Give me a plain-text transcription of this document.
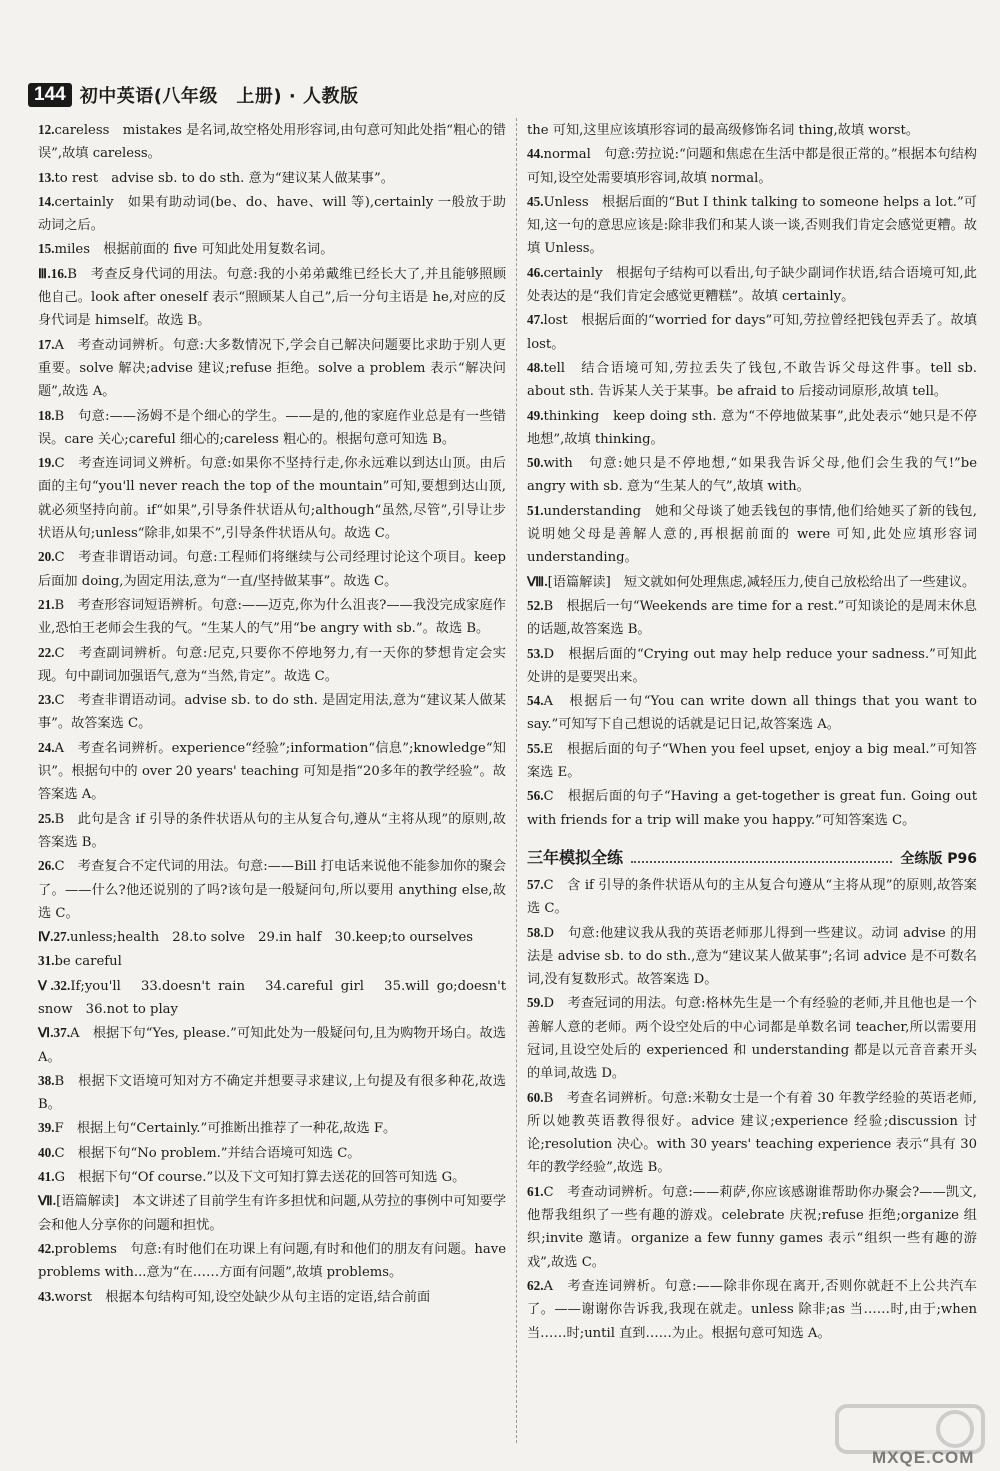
144 初中英语(八年级　上册) · 人教版

12.careless　mistakes 是名词,故空格处用形容词,由句意可知此处指“粗心的错误”,故填 careless。

13.to rest　advise sb. to do sth. 意为“建议某人做某事”。

14.certainly　如果有助动词(be、do、have、will 等),certainly 一般放于助动词之后。

15.miles　根据前面的 five 可知此处用复数名词。

Ⅲ.16.B　考查反身代词的用法。句意:我的小弟弟戴维已经长大了,并且能够照顾他自己。look after oneself 表示“照顾某人自己”,后一分句主语是 he,对应的反身代词是 himself。故选 B。

17.A　考查动词辨析。句意:大多数情况下,学会自己解决问题要比求助于别人更重要。solve 解决;advise 建议;refuse 拒绝。solve a problem 表示“解决问题”,故选 A。

18.B　句意:——汤姆不是个细心的学生。——是的,他的家庭作业总是有一些错误。care 关心;careful 细心的;careless 粗心的。根据句意可知选 B。

19.C　考查连词词义辨析。句意:如果你不坚持行走,你永远难以到达山顶。由后面的主句“you'll never reach the top of the mountain”可知,要想到达山顶,就必须坚持向前。if“如果”,引导条件状语从句;although“虽然,尽管”,引导让步状语从句;unless“除非,如果不”,引导条件状语从句。故选 C。

20.C　考查非谓语动词。句意:工程师们将继续与公司经理讨论这个项目。keep 后面加 doing,为固定用法,意为“一直/坚持做某事”。故选 C。

21.B　考查形容词短语辨析。句意:——迈克,你为什么沮丧?——我没完成家庭作业,恐怕王老师会生我的气。“生某人的气”用“be angry with sb.”。故选 B。

22.C　考查副词辨析。句意:尼克,只要你不停地努力,有一天你的梦想肯定会实现。句中副词加强语气,意为“当然,肯定”。故选 C。

23.C　考查非谓语动词。advise sb. to do sth. 是固定用法,意为“建议某人做某事”。故答案选 C。

24.A　考查名词辨析。experience“经验”;information“信息”;knowledge“知识”。根据句中的 over 20 years' teaching 可知是指“20多年的教学经验”。故答案选 A。

25.B　此句是含 if 引导的条件状语从句的主从复合句,遵从“主将从现”的原则,故答案选 B。

26.C　考查复合不定代词的用法。句意:——Bill 打电话来说他不能参加你的聚会了。——什么?他还说别的了吗?该句是一般疑问句,所以要用 anything else,故选 C。

Ⅳ.27.unless;health　28.to solve　29.in half　30.keep;to ourselves

31.be careful

Ⅴ.32.If;you'll　33.doesn't rain　34.careful girl　35.will go;doesn't snow　36.not to play

Ⅵ.37.A　根据下句“Yes, please.”可知此处为一般疑问句,且为购物开场白。故选 A。

38.B　根据下文语境可知对方不确定并想要寻求建议,上句提及有很多种花,故选 B。

39.F　根据上句“Certainly.”可推断出推荐了一种花,故选 F。

40.C　根据下句“No problem.”并结合语境可知选 C。

41.G　根据下句“Of course.”以及下文可知打算去送花的回答可知选 G。

Ⅶ.[语篇解读]　本文讲述了目前学生有许多担忧和问题,从劳拉的事例中可知要学会和他人分享你的问题和担忧。

42.problems　句意:有时他们在功课上有问题,有时和他们的朋友有问题。have problems with...意为“在……方面有问题”,故填 problems。

43.worst　根据本句结构可知,设空处缺少从句主语的定语,结合前面

the 可知,这里应该填形容词的最高级修饰名词 thing,故填 worst。

44.normal　句意:劳拉说:“问题和焦虑在生活中都是很正常的。”根据本句结构可知,设空处需要填形容词,故填 normal。

45.Unless　根据后面的“But I think talking to someone helps a lot.”可知,这一句的意思应该是:除非我们和某人谈一谈,否则我们肯定会感觉更糟。故填 Unless。

46.certainly　根据句子结构可以看出,句子缺少副词作状语,结合语境可知,此处表达的是“我们肯定会感觉更糟糕”。故填 certainly。

47.lost　根据后面的“worried for days”可知,劳拉曾经把钱包弄丢了。故填 lost。

48.tell　结合语境可知,劳拉丢失了钱包,不敢告诉父母这件事。tell sb. about sth. 告诉某人关于某事。be afraid to 后接动词原形,故填 tell。

49.thinking　keep doing sth. 意为“不停地做某事”,此处表示“她只是不停地想”,故填 thinking。

50.with　句意:她只是不停地想,“如果我告诉父母,他们会生我的气!”be angry with sb. 意为“生某人的气”,故填 with。

51.understanding　她和父母谈了她丢钱包的事情,他们给她买了新的钱包,说明她父母是善解人意的,再根据前面的 were 可知,此处应填形容词 understanding。

Ⅷ.[语篇解读]　短文就如何处理焦虑,减轻压力,使自己放松给出了一些建议。

52.B　根据后一句“Weekends are time for a rest.”可知谈论的是周末休息的话题,故答案选 B。

53.D　根据后面的“Crying out may help reduce your sadness.”可知此处讲的是要哭出来。

54.A　根据后一句“You can write down all things that you want to say.”可知写下自己想说的话就是记日记,故答案选 A。

55.E　根据后面的句子“When you feel upset, enjoy a big meal.”可知答案选 E。

56.C　根据后面的句子“Having a get-together is great fun. Going out with friends for a trip will make you happy.”可知答案选 C。

三年模拟全练	全练版 P96

57.C　含 if 引导的条件状语从句的主从复合句遵从“主将从现”的原则,故答案选 C。

58.D　句意:他建议我从我的英语老师那儿得到一些建议。动词 advise 的用法是 advise sb. to do sth.,意为“建议某人做某事”;名词 advice 是不可数名词,没有复数形式。故答案选 D。

59.D　考查冠词的用法。句意:格林先生是一个有经验的老师,并且他也是一个善解人意的老师。两个设空处后的中心词都是单数名词 teacher,所以需要用冠词,且设空处后的 experienced 和 understanding 都是以元音音素开头的单词,故选 D。

60.B　考查名词辨析。句意:米勒女士是一个有着 30 年教学经验的英语老师,所以她教英语教得很好。advice 建议;experience 经验;discussion 讨论;resolution 决心。with 30 years' teaching experience 表示“具有 30 年的教学经验”,故选 B。

61.C　考查动词辨析。句意:——莉萨,你应该感谢谁帮助你办聚会?——凯文,他帮我组织了一些有趣的游戏。celebrate 庆祝;refuse 拒绝;organize 组织;invite 邀请。organize a few funny games 表示“组织一些有趣的游戏”,故选 C。

62.A　考查连词辨析。句意:——除非你现在离开,否则你就赶不上公共汽车了。——谢谢你告诉我,我现在就走。unless 除非;as 当……时,由于;when 当……时;until 直到……为止。根据句意可知选 A。

MXQE.COM
